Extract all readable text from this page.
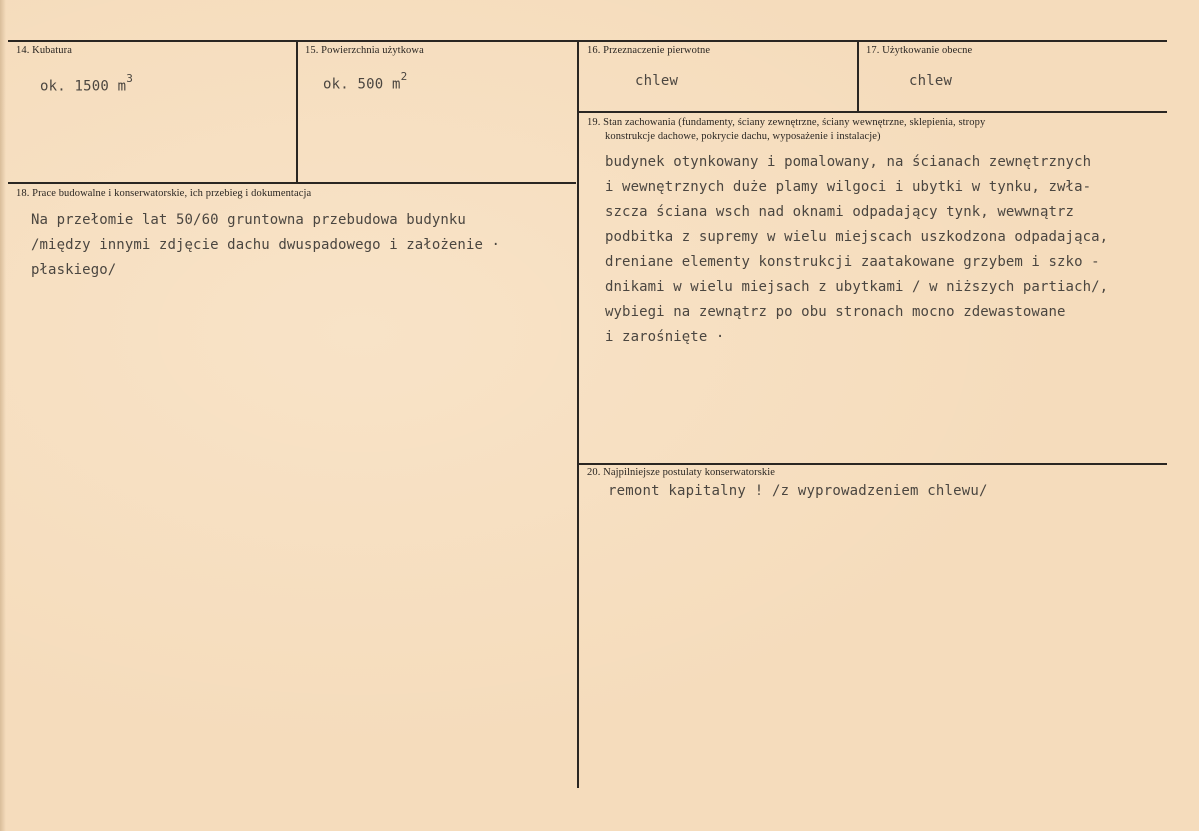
14. Kubatura
ok. 1500 $m^3$
15. Powierzchnia użytkowa
ok. 500 $m^2$
16. Przeznaczenie pierwotne
chlew
17. Użytkowanie obecne
chlew
18. Prace budowalne i konserwatorskie, ich przebieg i dokumentacja
Na przełomie lat 50/60 gruntowna przebudowa budynku
/między innymi zdjęcie dachu dwuspadowego i założenie ·
płaskiego/
19. Stan zachowania (fundamenty, ściany zewnętrzne, ściany wewnętrzne, sklepienia, stropy
konstrukcje dachowe, pokrycie dachu, wyposażenie i instalacje)
budynek otynkowany i pomalowany, na ścianach zewnętrznych
i wewnętrznych duże plamy wilgoci i ubytki w tynku, zwła-
szcza ściana wsch nad oknami odpadający tynk, wewwnątrz
podbitka z supremy w wielu miejscach uszkodzona odpadająca,
dreniane elementy konstrukcji zaatakowane grzybem i szko -
dnikami w wielu miejsach z ubytkami / w niższych partiach/,
wybiegi na zewnątrz po obu stronach mocno zdewastowane
i zarośnięte ·
20. Najpilniejsze postulaty konserwatorskie
remont kapitalny ! /z wyprowadzeniem chlewu/
